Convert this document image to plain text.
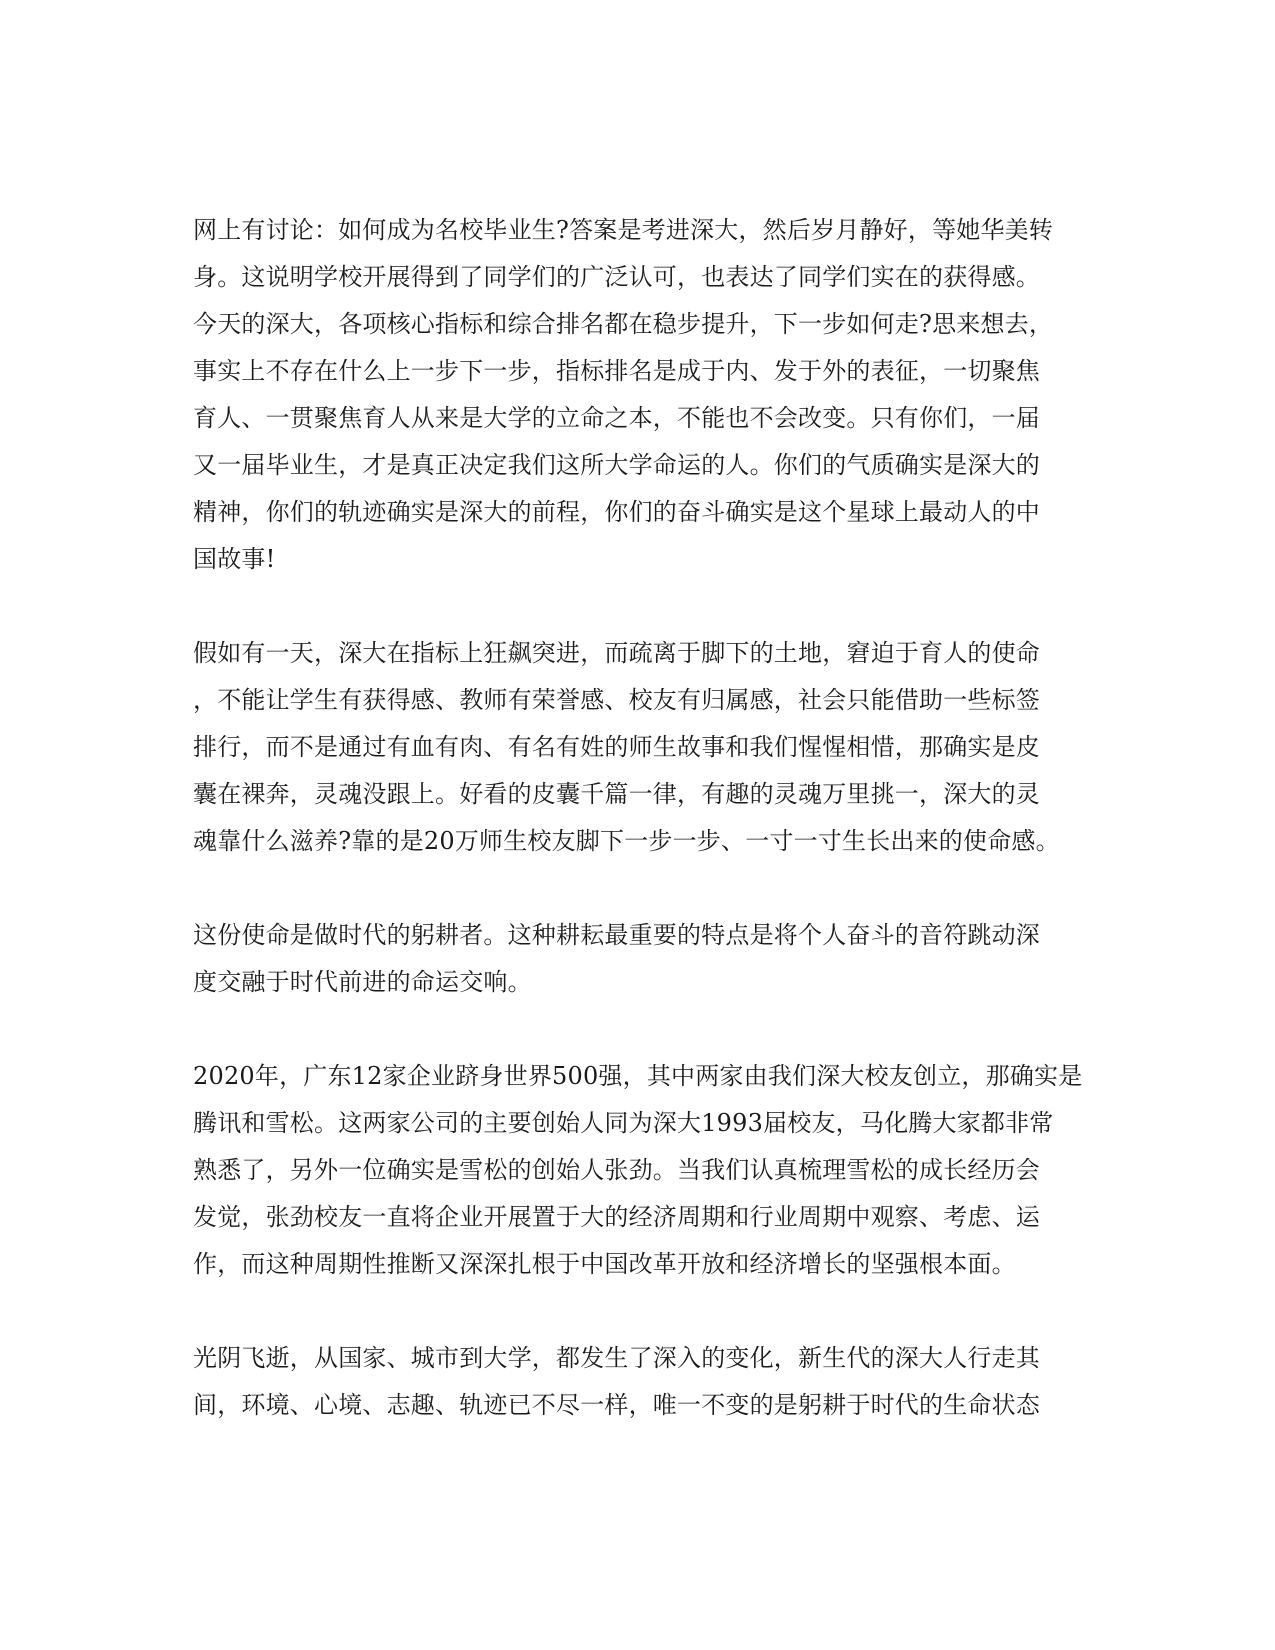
网上有讨论：如何成为名校毕业生?答案是考进深大，然后岁月静好，等她华美转
身。这说明学校开展得到了同学们的广泛认可，也表达了同学们实在的获得感。
今天的深大，各项核心指标和综合排名都在稳步提升，下一步如何走?思来想去，
事实上不存在什么上一步下一步，指标排名是成于内、发于外的表征，一切聚焦
育人、一贯聚焦育人从来是大学的立命之本，不能也不会改变。只有你们，一届
又一届毕业生，才是真正决定我们这所大学命运的人。你们的气质确实是深大的
精神，你们的轨迹确实是深大的前程，你们的奋斗确实是这个星球上最动人的中
国故事!
假如有一天，深大在指标上狂飙突进，而疏离于脚下的土地，窘迫于育人的使命
，不能让学生有获得感、教师有荣誉感、校友有归属感，社会只能借助一些标签
排行，而不是通过有血有肉、有名有姓的师生故事和我们惺惺相惜，那确实是皮
囊在裸奔，灵魂没跟上。好看的皮囊千篇一律，有趣的灵魂万里挑一，深大的灵
魂靠什么滋养?靠的是20万师生校友脚下一步一步、一寸一寸生长出来的使命感。
这份使命是做时代的躬耕者。这种耕耘最重要的特点是将个人奋斗的音符跳动深
度交融于时代前进的命运交响。
2020年，广东12家企业跻身世界500强，其中两家由我们深大校友创立，那确实是
腾讯和雪松。这两家公司的主要创始人同为深大1993届校友，马化腾大家都非常
熟悉了，另外一位确实是雪松的创始人张劲。当我们认真梳理雪松的成长经历会
发觉，张劲校友一直将企业开展置于大的经济周期和行业周期中观察、考虑、运
作，而这种周期性推断又深深扎根于中国改革开放和经济增长的坚强根本面。
光阴飞逝，从国家、城市到大学，都发生了深入的变化，新生代的深大人行走其
间，环境、心境、志趣、轨迹已不尽一样，唯一不变的是躬耕于时代的生命状态
